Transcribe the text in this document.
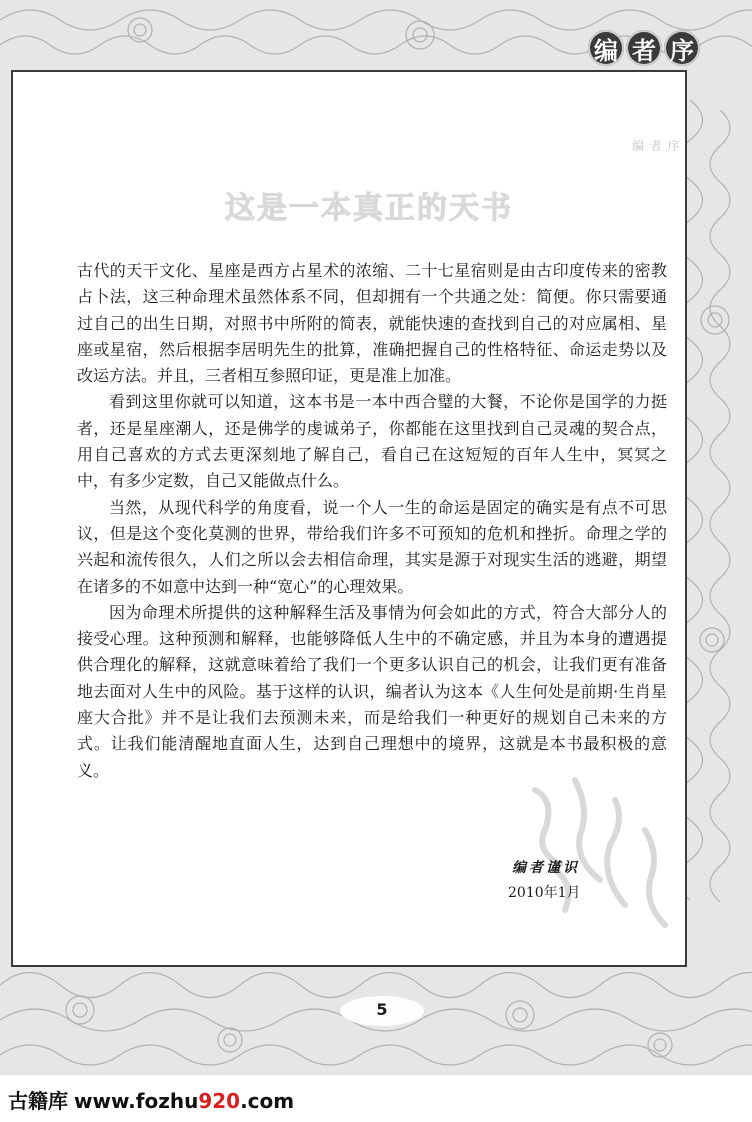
编 者 序
编 者 序
这是一本真正的天书

古代的天干文化、星座是西方占星术的浓缩、二十七星宿则是由古印度传来的密教占卜法，这三种命理术虽然体系不同，但却拥有一个共通之处：简便。你只需要通过自己的出生日期，对照书中所附的简表，就能快速的查找到自己的对应属相、星座或星宿，然后根据李居明先生的批算，准确把握自己的性格特征、命运走势以及改运方法。并且，三者相互参照印证，更是准上加准。

看到这里你就可以知道，这本书是一本中西合璧的大餐，不论你是国学的力挺者，还是星座潮人，还是佛学的虔诚弟子，你都能在这里找到自己灵魂的契合点，用自己喜欢的方式去更深刻地了解自己，看自己在这短短的百年人生中，冥冥之中，有多少定数，自己又能做点什么。

当然，从现代科学的角度看，说一个人一生的命运是固定的确实是有点不可思议，但是这个变化莫测的世界，带给我们许多不可预知的危机和挫折。命理之学的兴起和流传很久，人们之所以会去相信命理，其实是源于对现实生活的逃避，期望在诸多的不如意中达到一种“宽心”的心理效果。

因为命理术所提供的这种解释生活及事情为何会如此的方式，符合大部分人的接受心理。这种预测和解释，也能够降低人生中的不确定感，并且为本身的遭遇提供合理化的解释，这就意味着给了我们一个更多认识自己的机会，让我们更有准备地去面对人生中的风险。基于这样的认识，编者认为这本《人生何处是前期·生肖星座大合批》并不是让我们去预测未来，而是给我们一种更好的规划自己未来的方式。让我们能清醒地直面人生，达到自己理想中的境界，这就是本书最积极的意义。

编者谨识
2010年1月
5
古籍库 www.fozhu920.com
